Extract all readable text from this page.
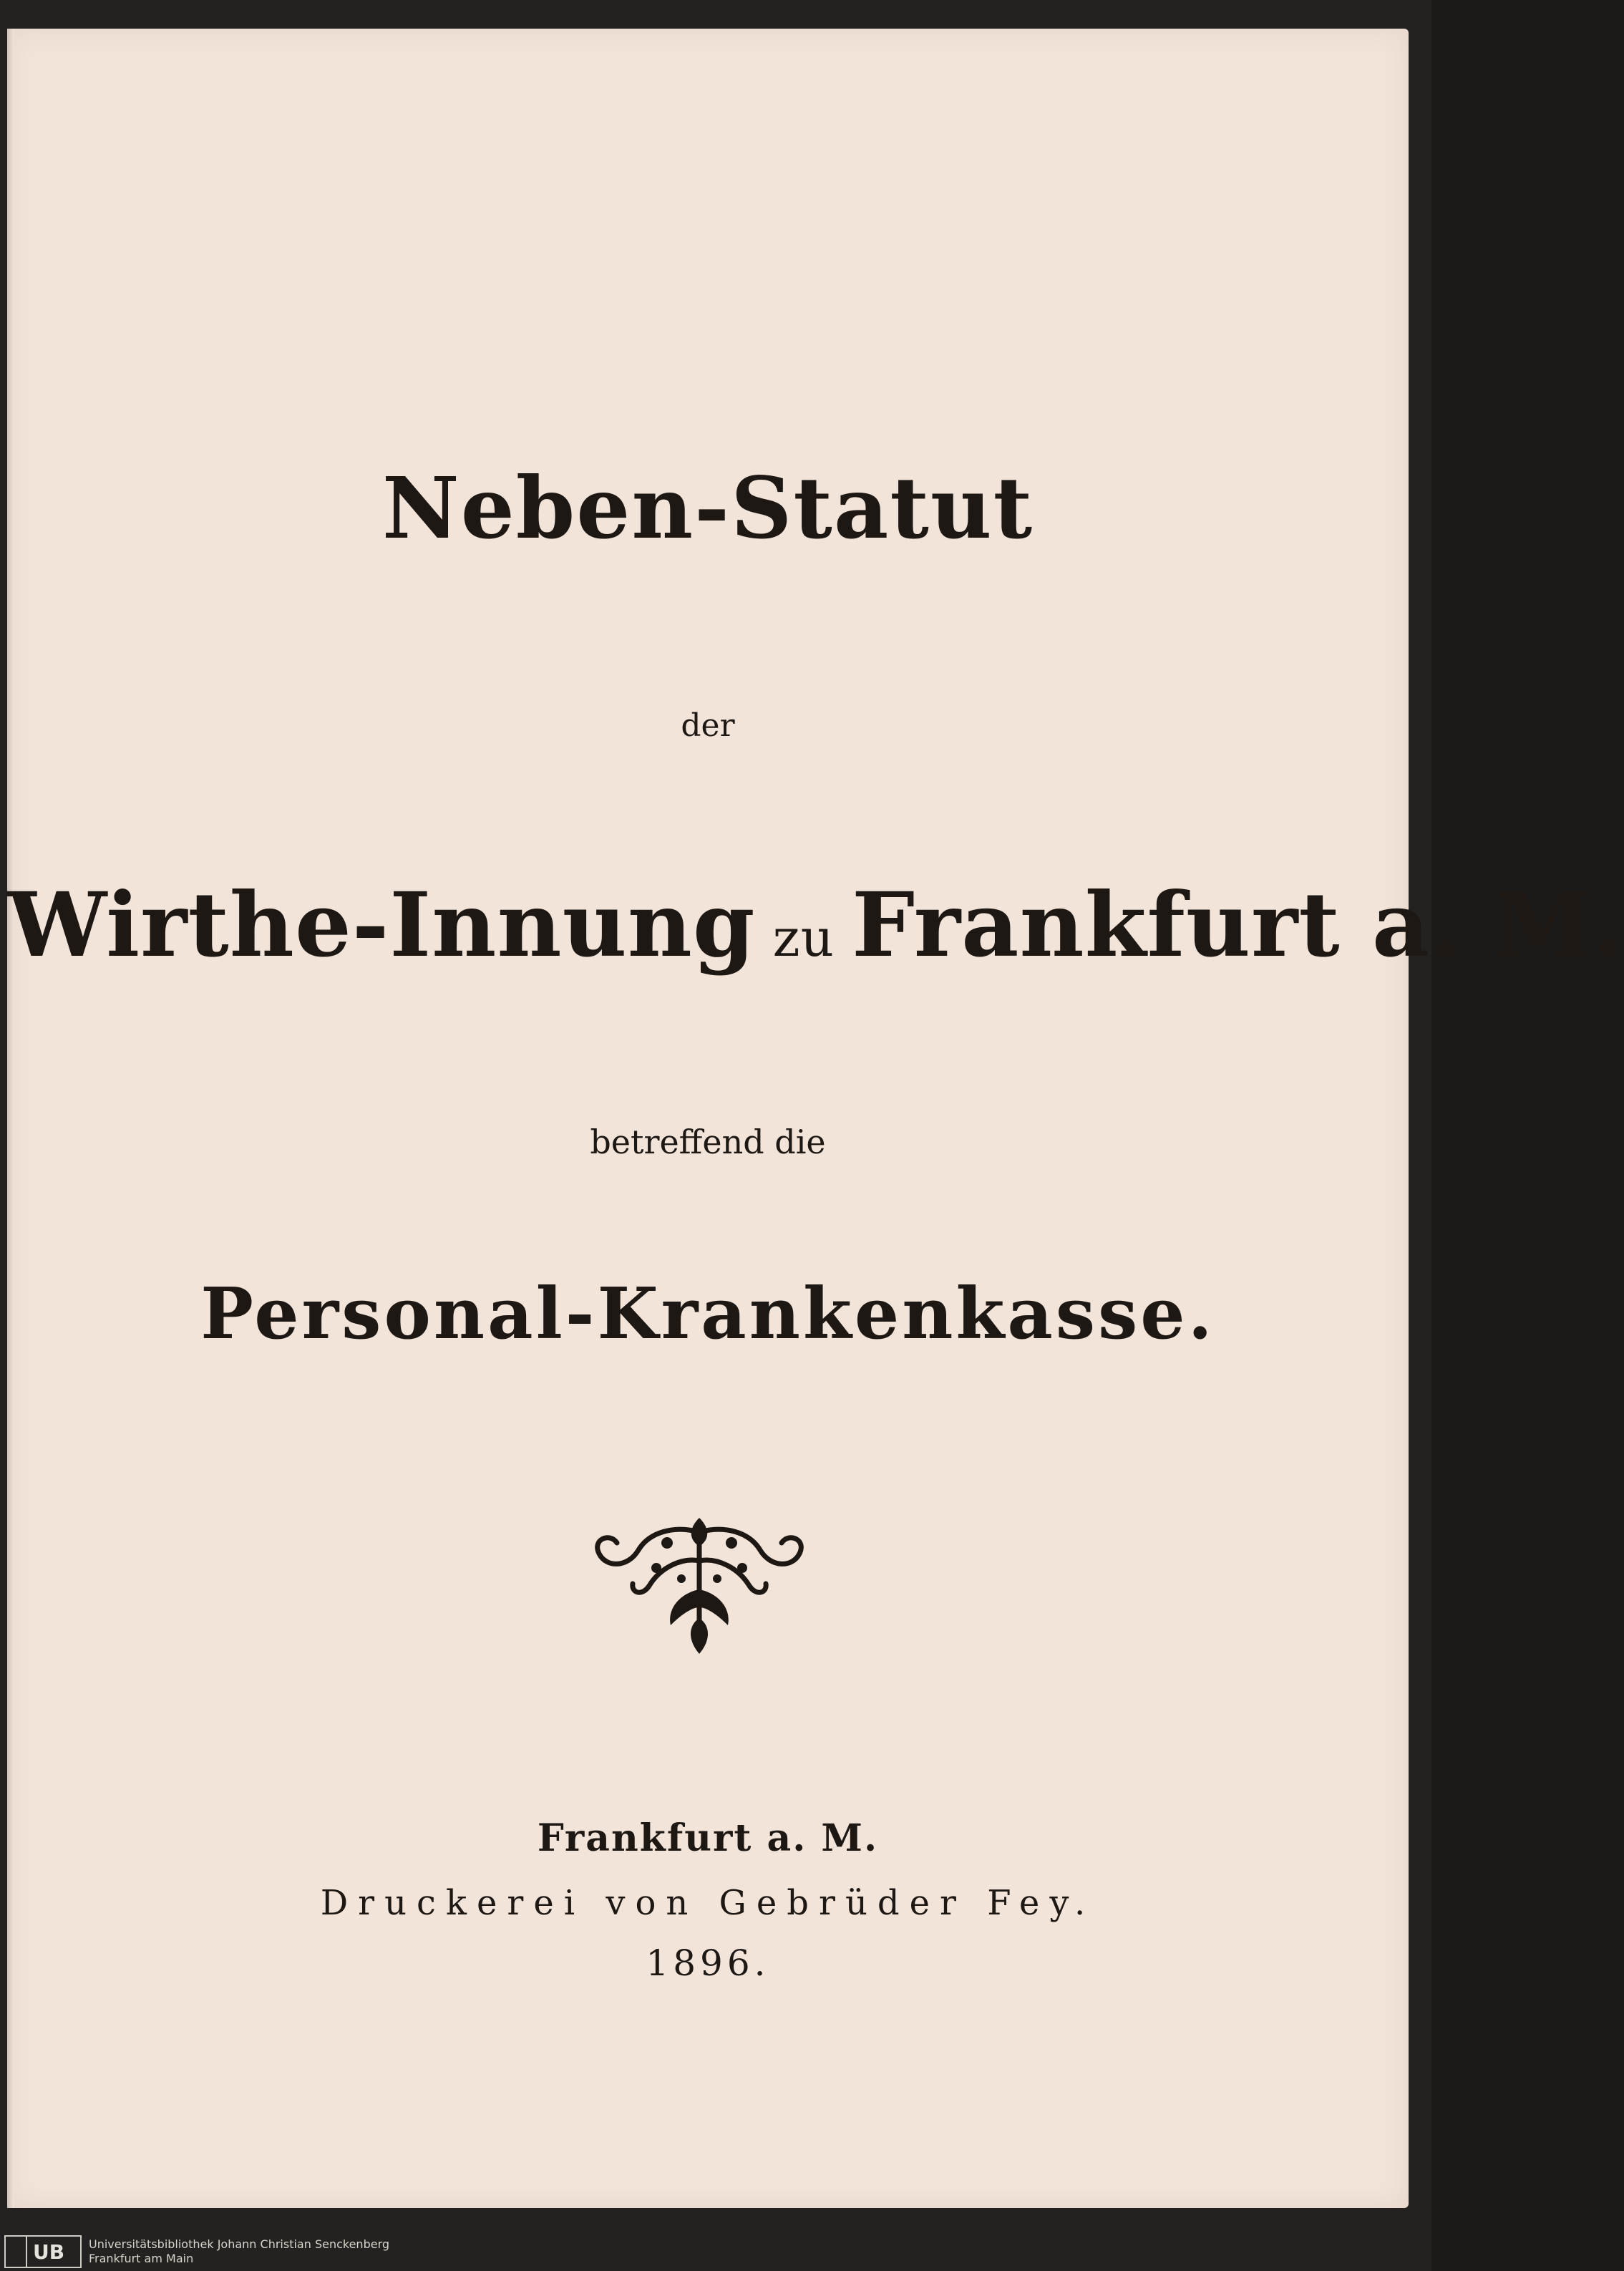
Neben-Statut
der
Wirthe-Innung zu Frankfurt a. M.
betreffend die
Personal-Krankenkasse.
Frankfurt a. M.
Druckerei von Gebrüder Fey.
1896.
UB Universitätsbibliothek Johann Christian Senckenberg
Frankfurt am Main
